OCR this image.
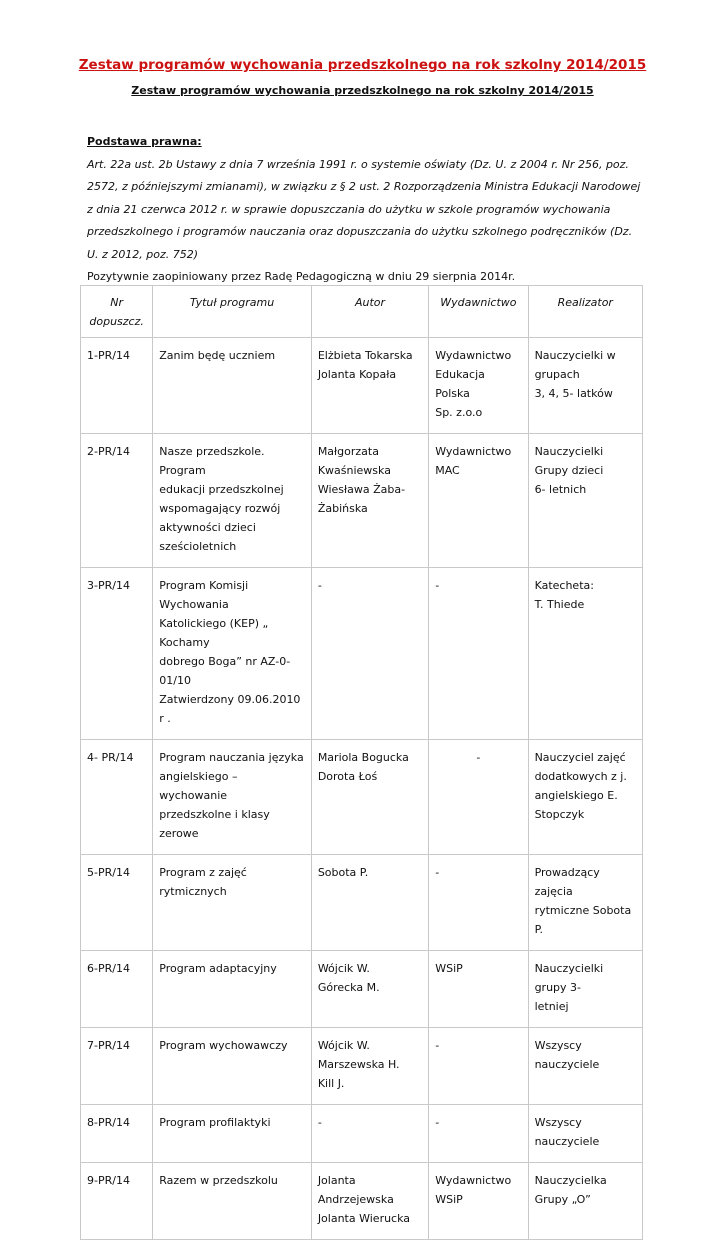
Zestaw programów wychowania przedszkolnego na rok szkolny 2014/2015
Zestaw programów wychowania przedszkolnego na rok szkolny 2014/2015
Podstawa prawna:
Art. 22a ust. 2b Ustawy z dnia 7 września 1991 r. o systemie oświaty (Dz. U. z 2004 r. Nr 256, poz. 2572, z późniejszymi zmianami), w związku z § 2 ust. 2 Rozporządzenia Ministra Edukacji Narodowej z dnia 21 czerwca 2012 r. w sprawie dopuszczania do użytku w szkole programów wychowania przedszkolnego i programów nauczania oraz dopuszczania do użytku szkolnego podręczników (Dz. U. z 2012, poz. 752)
Pozytywnie zaopiniowany przez Radę Pedagogiczną w dniu 29 sierpnia 2014r.
Nr dopuszcz.	Tytuł programu	Autor	Wydawnictwo	Realizator
1-PR/14	Zanim będę uczniem	Elżbieta Tokarska
Jolanta Kopała	Wydawnictwo
Edukacja Polska
Sp. z.o.o	Nauczycielki w
grupach
3, 4, 5- latków

2-PR/14	Nasze przedszkole. Program
edukacji przedszkolnej
wspomagający rozwój
aktywności dzieci
sześcioletnich	Małgorzata
Kwaśniewska
Wiesława Żaba-
Żabińska	Wydawnictwo
MAC	Nauczycielki
Grupy dzieci
6- letnich

3-PR/14	Program Komisji Wychowania
Katolickiego (KEP) „ Kochamy
dobrego Boga” nr AZ-0-01/10
Zatwierdzony 09.06.2010 r .	-	-	Katecheta:
T. Thiede

4- PR/14	Program nauczania języka
angielskiego – wychowanie
przedszkolne i klasy zerowe	Mariola Bogucka
Dorota Łoś	-	Nauczyciel zajęć
dodatkowych z j.
angielskiego E.
Stopczyk

5-PR/14	Program z zajęć rytmicznych	Sobota P.	-	Prowadzący zajęcia
rytmiczne Sobota P.

6-PR/14	Program adaptacyjny	Wójcik W.
Górecka M.	WSiP	Nauczycielki grupy 3-
letniej

7-PR/14	Program wychowawczy	Wójcik W.
Marszewska H.
Kill J.	-	Wszyscy nauczyciele

8-PR/14	Program profilaktyki	-	-	Wszyscy nauczyciele

9-PR/14	Razem w przedszkolu	Jolanta Andrzejewska
Jolanta Wierucka	Wydawnictwo
WSiP	Nauczycielka
Grupy „O”
